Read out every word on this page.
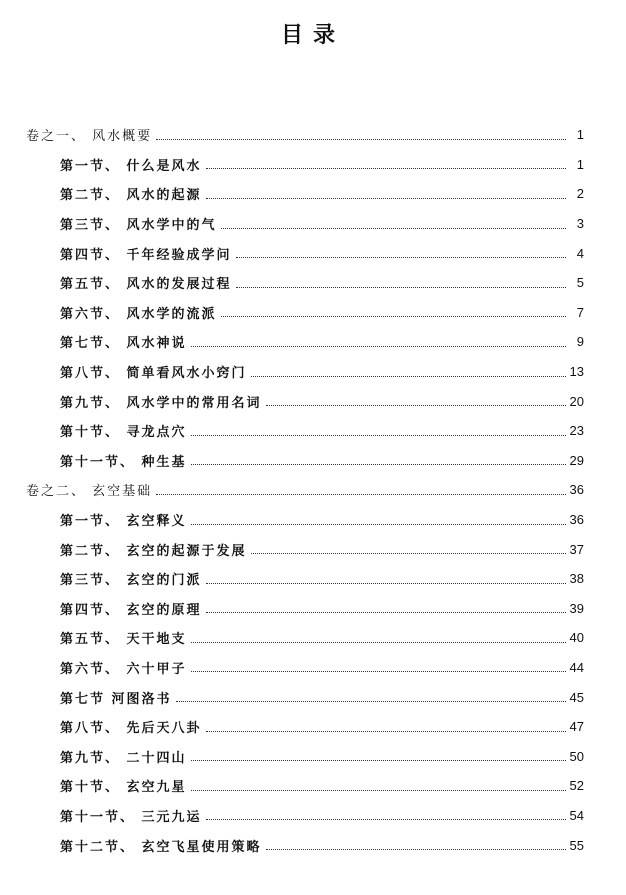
目录
卷之一、 风水概要	1
第一节、 什么是风水	1
第二节、 风水的起源	2
第三节、 风水学中的气	3
第四节、 千年经验成学问	4
第五节、 风水的发展过程	5
第六节、 风水学的流派	7
第七节、 风水神说	9
第八节、 简单看风水小窍门	13
第九节、 风水学中的常用名词	20
第十节、 寻龙点穴	23
第十一节、 种生基	29
卷之二、 玄空基础	36
第一节、 玄空释义	36
第二节、 玄空的起源于发展	37
第三节、 玄空的门派	38
第四节、 玄空的原理	39
第五节、 天干地支	40
第六节、 六十甲子	44
第七节 河图洛书	45
第八节、 先后天八卦	47
第九节、 二十四山	50
第十节、 玄空九星	52
第十一节、 三元九运	54
第十二节、 玄空飞星使用策略	55
